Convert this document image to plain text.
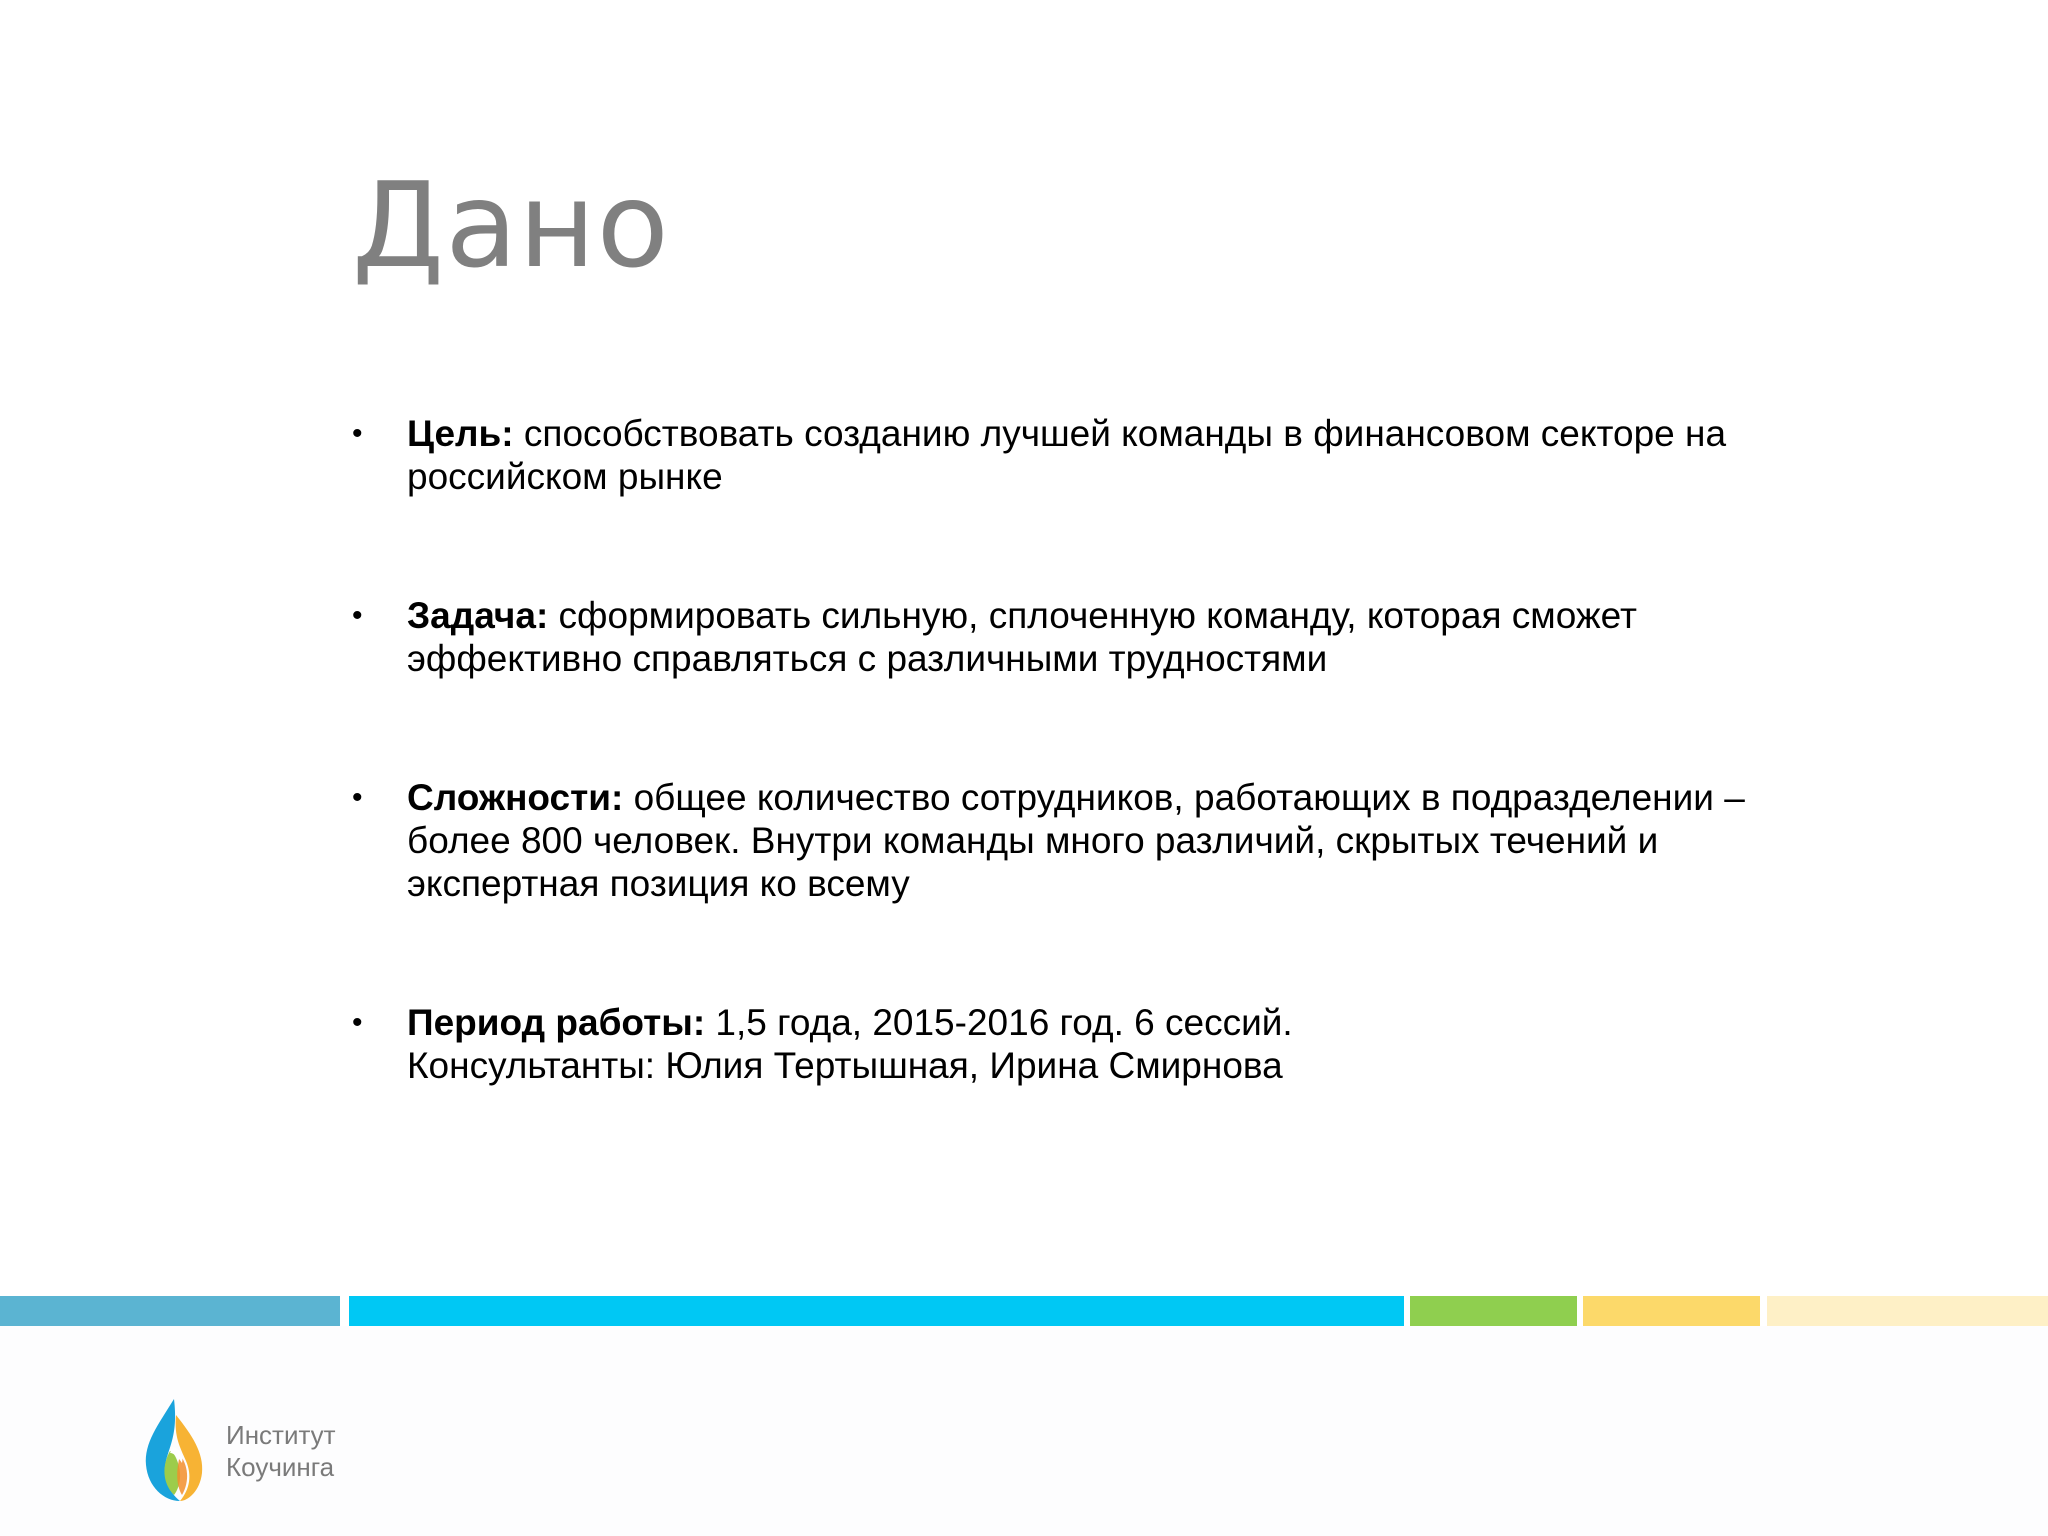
Дано
• Цель: способствовать созданию лучшей команды в финансовом секторе на российском рынке
• Задача: сформировать сильную, сплоченную команду, которая сможет эффективно справляться с различными трудностями
• Сложности: общее количество сотрудников, работающих в подразделении – более 800 человек. Внутри команды много различий, скрытых течений и экспертная позиция ко всему
• Период работы: 1,5 года, 2015-2016 год. 6 сессий.
Консультанты: Юлия Тертышная, Ирина Смирнова
Институт
Коучинга
